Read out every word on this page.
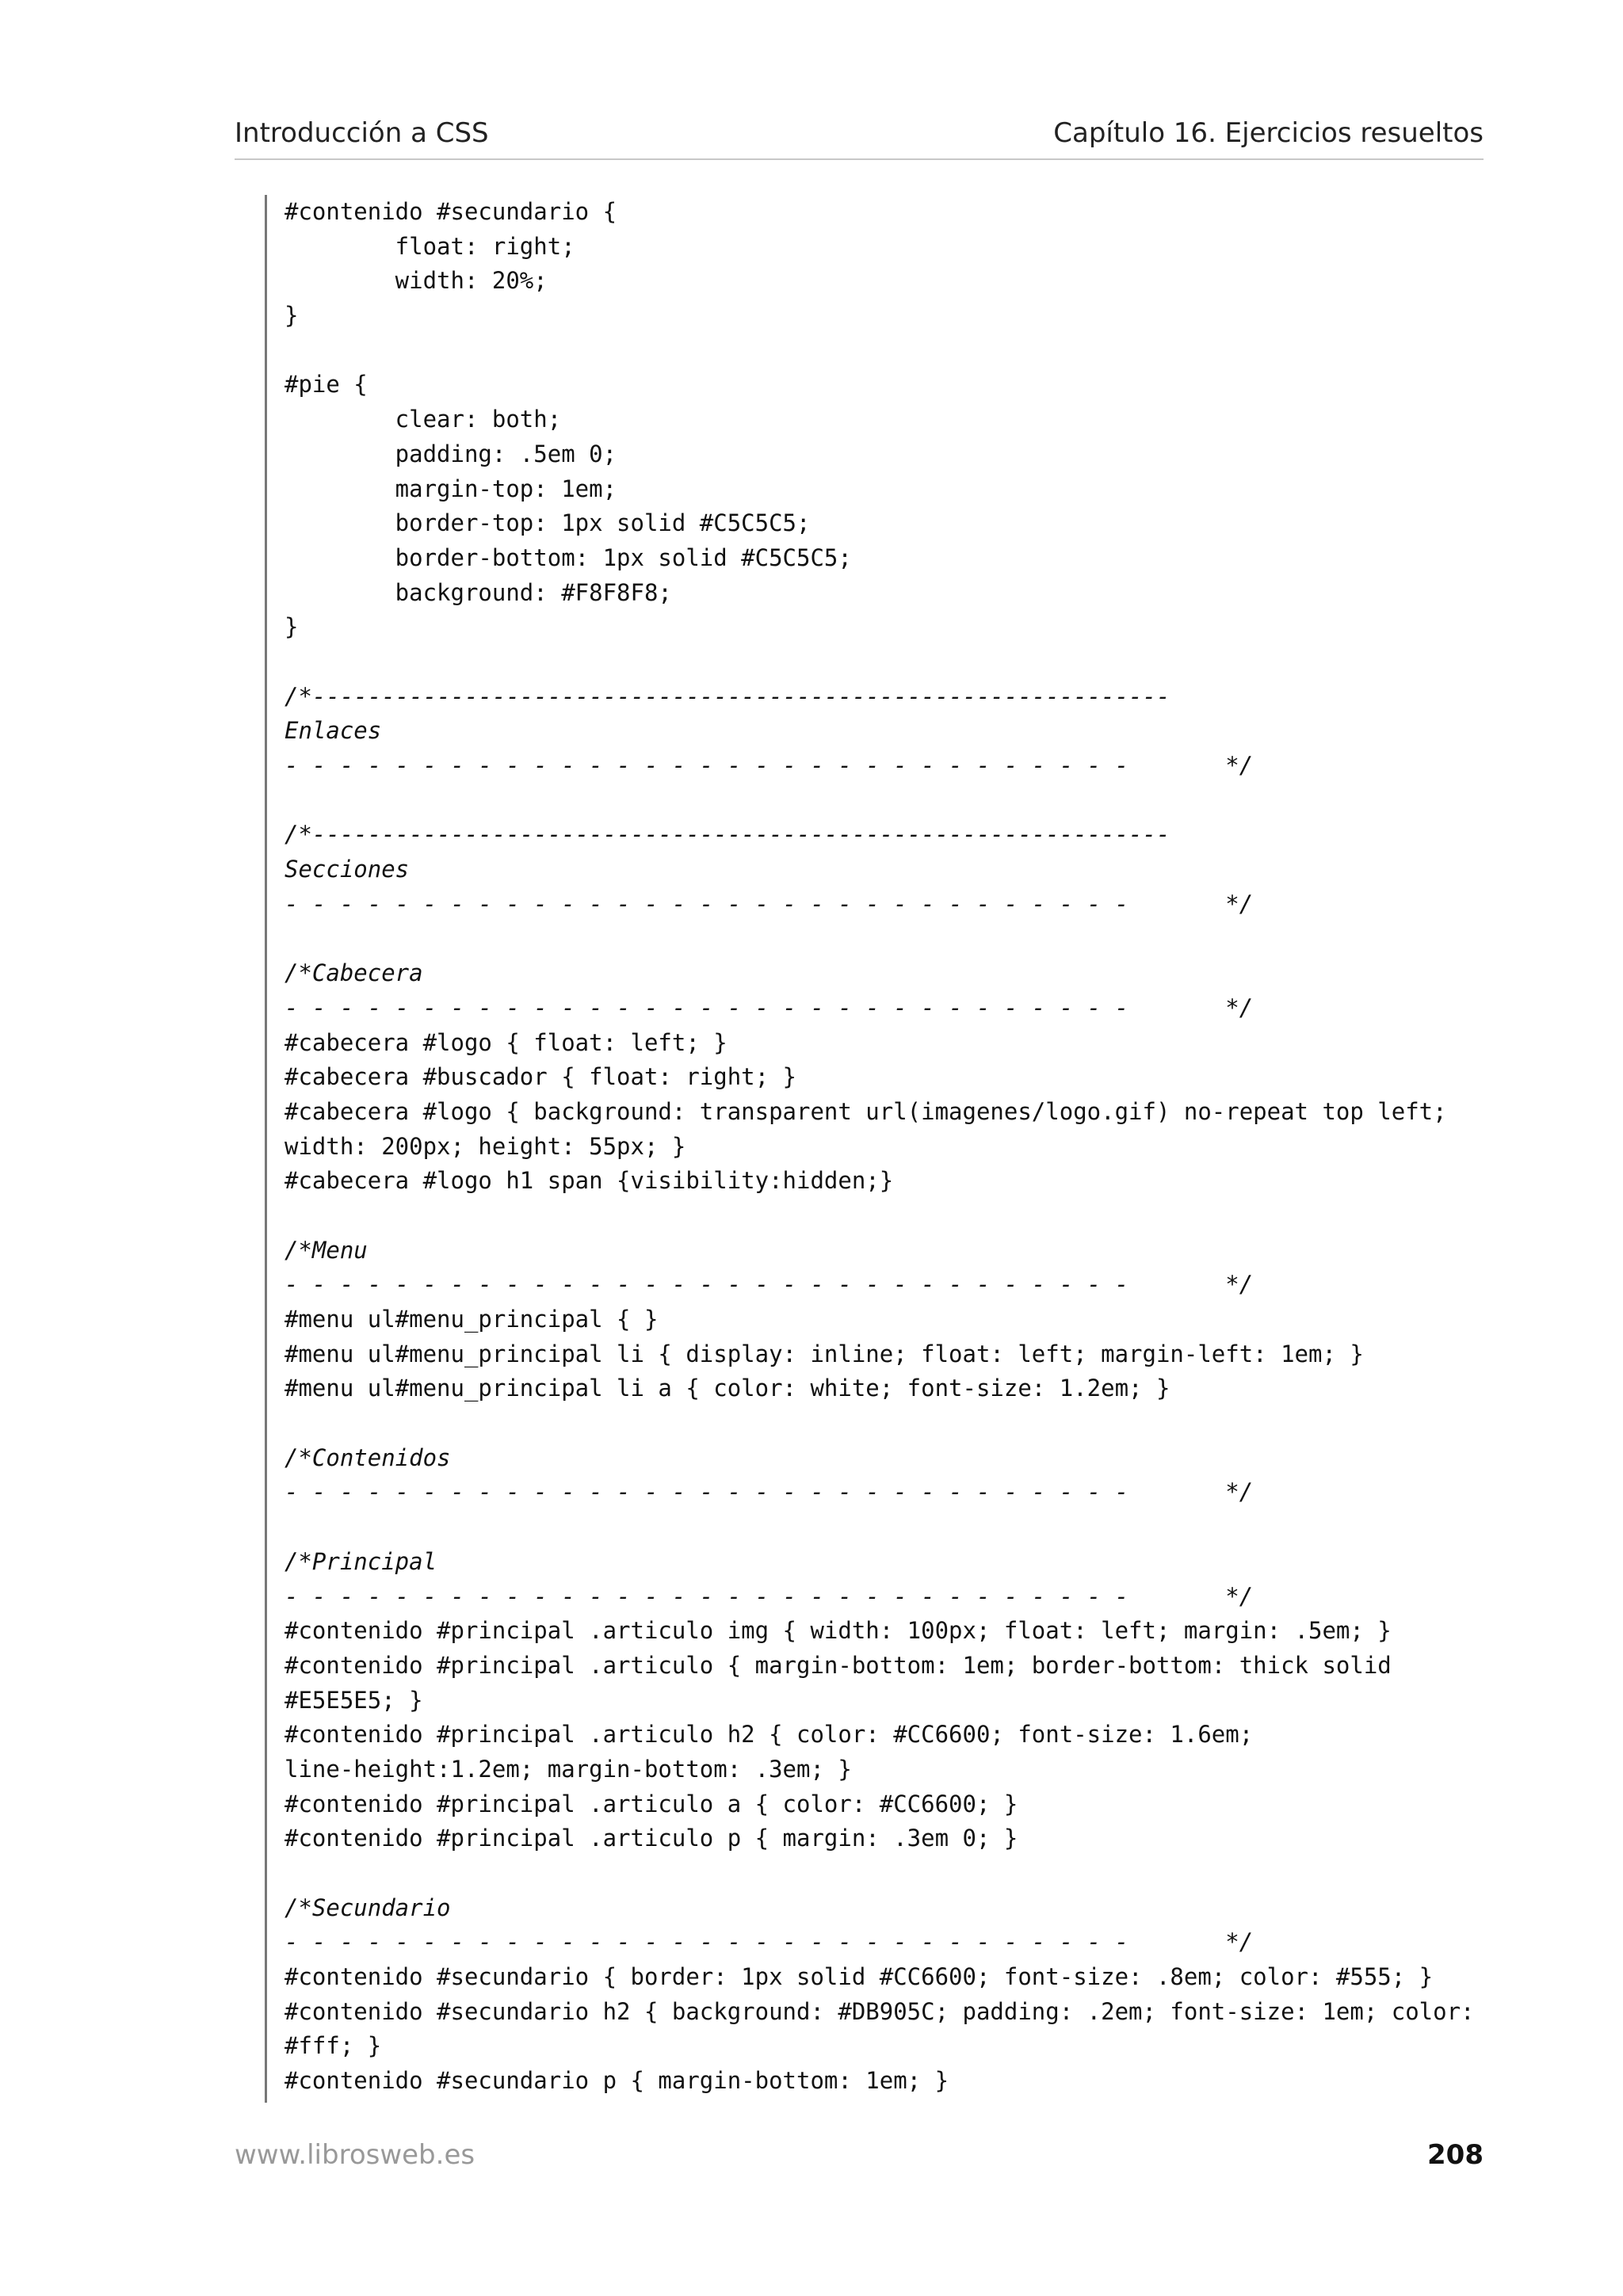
Introducción a CSS	Capítulo 16. Ejercicios resueltos
#contenido #secundario {
float: right;
width: 20%;
}
#pie {
clear: both;
padding: .5em 0;
margin-top: 1em;
border-top: 1px solid #C5C5C5;
border-bottom: 1px solid #C5C5C5;
background: #F8F8F8;
}
/*--------------------------------------------------------------
Enlaces
- - - - - - - - - - - - - - - - - - - - - - - - - - - - - - -       */
/*--------------------------------------------------------------
Secciones
- - - - - - - - - - - - - - - - - - - - - - - - - - - - - - -       */
/*Cabecera
- - - - - - - - - - - - - - - - - - - - - - - - - - - - - - -       */
#cabecera #logo { float: left; }
#cabecera #buscador { float: right; }
#cabecera #logo { background: transparent url(imagenes/logo.gif) no-repeat top left;
width: 200px; height: 55px; }
#cabecera #logo h1 span {visibility:hidden;}
/*Menu
- - - - - - - - - - - - - - - - - - - - - - - - - - - - - - -       */
#menu ul#menu_principal { }
#menu ul#menu_principal li { display: inline; float: left; margin-left: 1em; }
#menu ul#menu_principal li a { color: white; font-size: 1.2em; }
/*Contenidos
- - - - - - - - - - - - - - - - - - - - - - - - - - - - - - -       */
/*Principal
- - - - - - - - - - - - - - - - - - - - - - - - - - - - - - -       */
#contenido #principal .articulo img { width: 100px; float: left; margin: .5em; }
#contenido #principal .articulo { margin-bottom: 1em; border-bottom: thick solid
#E5E5E5; }
#contenido #principal .articulo h2 { color: #CC6600; font-size: 1.6em;
line-height:1.2em; margin-bottom: .3em; }
#contenido #principal .articulo a { color: #CC6600; }
#contenido #principal .articulo p { margin: .3em 0; }
/*Secundario
- - - - - - - - - - - - - - - - - - - - - - - - - - - - - - -       */
#contenido #secundario { border: 1px solid #CC6600; font-size: .8em; color: #555; }
#contenido #secundario h2 { background: #DB905C; padding: .2em; font-size: 1em; color:
#fff; }
#contenido #secundario p { margin-bottom: 1em; }
www.librosweb.es	208
